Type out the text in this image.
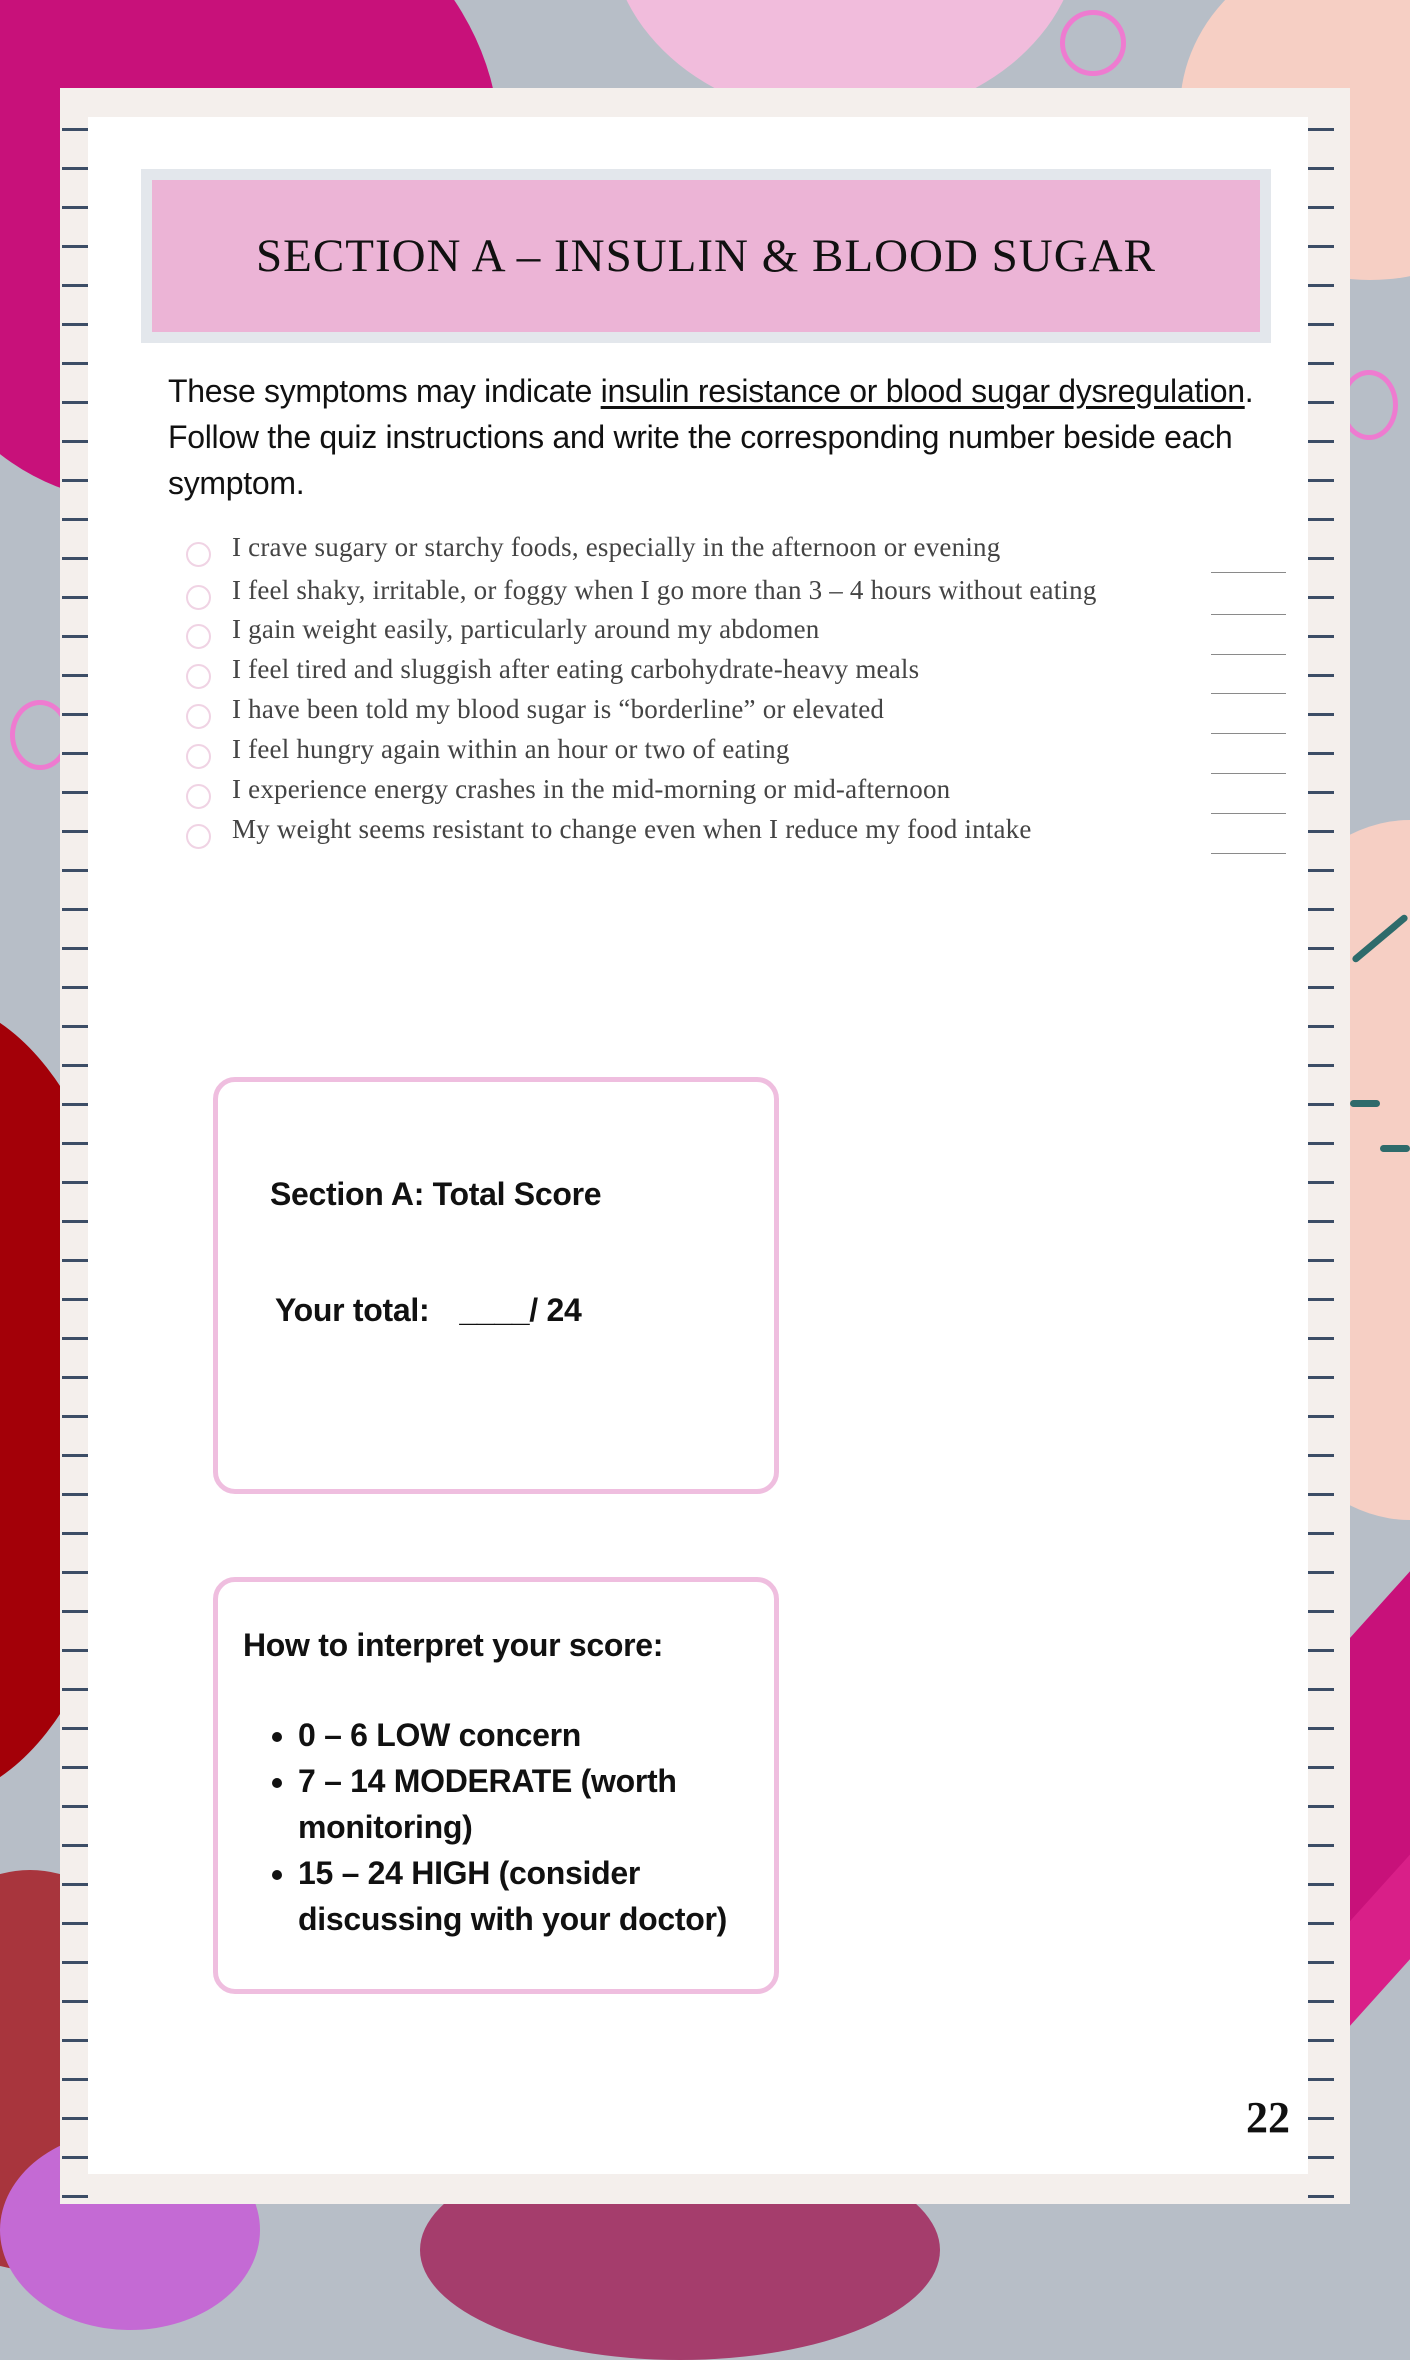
SECTION A – INSULIN & BLOOD SUGAR
These symptoms may indicate insulin resistance or blood sugar dysregulation. Follow the quiz instructions and write the corresponding number beside each symptom.
I crave sugary or starchy foods, especially in the afternoon or evening
I feel shaky, irritable, or foggy when I go more than 3 – 4 hours without eating
I gain weight easily, particularly around my abdomen
I feel tired and sluggish after eating carbohydrate-heavy meals
I have been told my blood sugar is “borderline” or elevated
I feel hungry again within an hour or two of eating
I experience energy crashes in the mid-morning or mid-afternoon
My weight seems resistant to change even when I reduce my food intake
Section A: Total Score
Your total: ____/ 24
How to interpret your score:
• 0 – 6 LOW concern
• 7 – 14 MODERATE (worth monitoring)
• 15 – 24 HIGH (consider discussing with your doctor)
22
